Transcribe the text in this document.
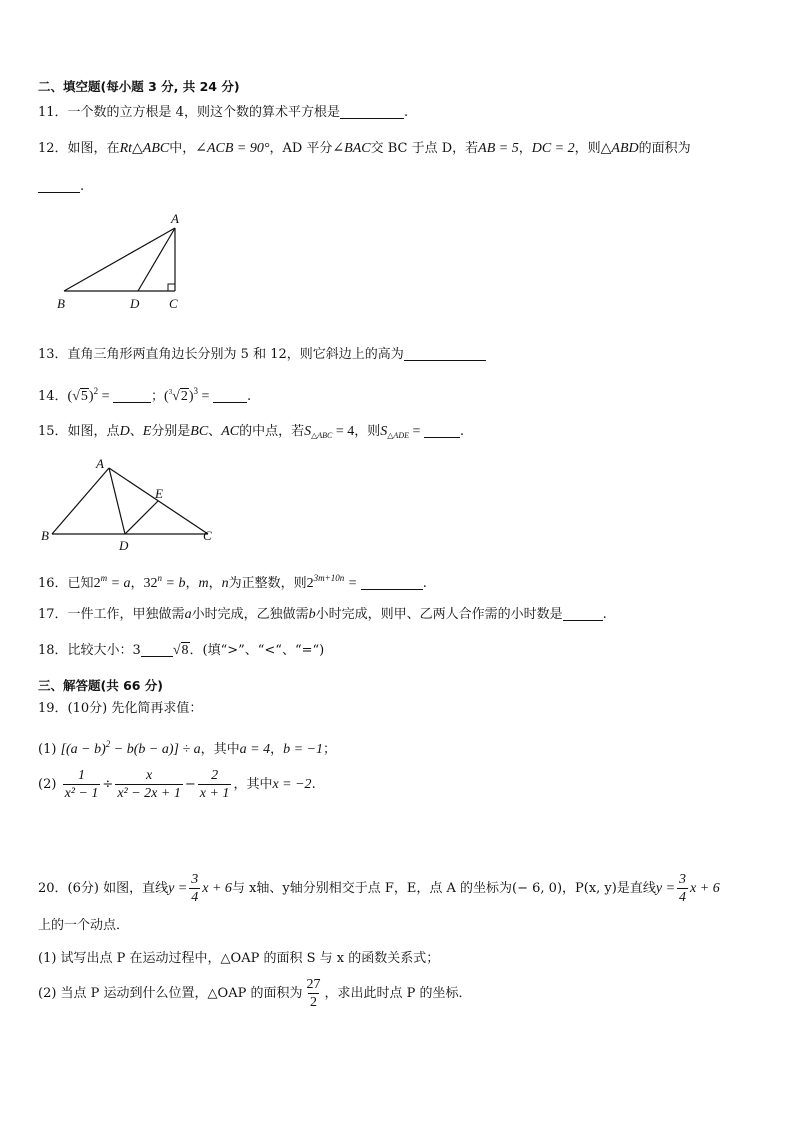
二、填空题(每小题 3 分, 共 24 分)
11．一个数的立方根是 4，则这个数的算术平方根是	.
12．如图，在Rt△ABC中，∠ACB = 90°，AD 平分∠BAC交 BC 于点 D，若AB = 5，DC = 2，则△ABD的面积为
.
A
B	D C
13．直角三角形两直角边长分别为 5 和 12，则它斜边上的高为
14．$(√5)^2$ =	；$(^3√2)^3$ =	.
15．如图，点D、E分别是BC、AC的中点，若$S_{\triangle ABC} = 4$，则$S_{\triangle ADE}$ =	.
A
B
D
E
C
16．已知$2^m = a$，$32^n = b$，m，n为正整数，则$2^{3m+10n}$ =	.
17．一件工作，甲独做需a小时完成，乙独做需b小时完成，则甲、乙两人合作需的小时数是	.
18．比较大小：3 √8．(填“>”、“<“、“=“)
三、解答题(共 66 分)
19．(10分) 先化简再求值：
(1) $[(a - b)^2 - b(b - a)] \div a$，其中a = 4，b = −1；
$(2) \frac{1}{\text{x² − 1}} \div \frac{x}{\text{x² − 2x + 1}} - \frac{2}{x + 1}$ ，其中x = −2.
20．(6分) 如图，直线$y = \frac{3}{4}$ x + 6与 x轴、y轴分别相交于点 F，E，点 A 的坐标为(− 6, 0)，P(x, y)是直线$y = \frac{3}{4}$ x + 6
上的一个动点．
(1) 试写出点 P 在运动过程中，△OAP 的面积 S 与 x 的函数关系式；
(2) 当点 P 运动到什么位置，△OAP 的面积为 $\frac{27}{2}$ ，求出此时点 P 的坐标．
